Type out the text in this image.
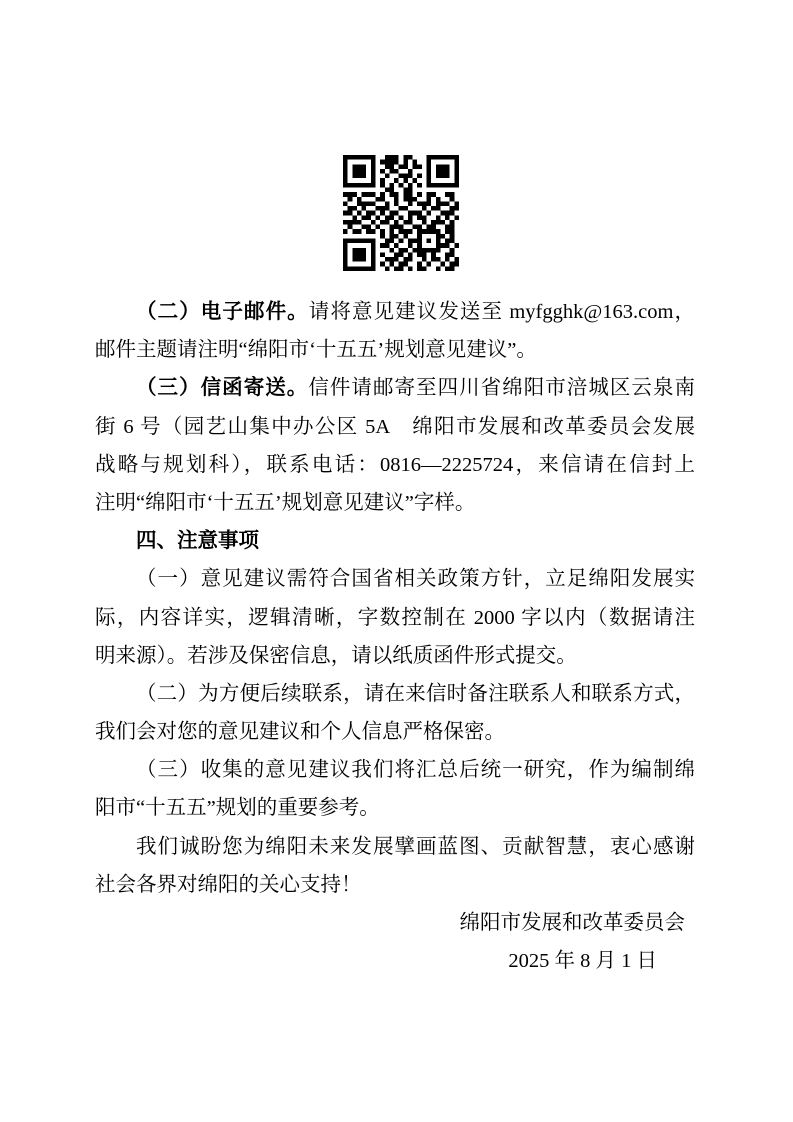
（二）电子邮件。请将意见建议发送至 myfgghk@163.com，
邮件主题请注明“绵阳市‘十五五’规划意见建议”。
（三）信函寄送。信件请邮寄至四川省绵阳市涪城区云泉南
街 6 号（园艺山集中办公区 5A　绵阳市发展和改革委员会发展
战略与规划科），联系电话：0816—2225724，来信请在信封上
注明“绵阳市‘十五五’规划意见建议”字样。
四、注意事项
（一）意见建议需符合国省相关政策方针，立足绵阳发展实
际，内容详实，逻辑清晰，字数控制在 2000 字以内（数据请注
明来源）。若涉及保密信息，请以纸质函件形式提交。
（二）为方便后续联系，请在来信时备注联系人和联系方式，
我们会对您的意见建议和个人信息严格保密。
（三）收集的意见建议我们将汇总后统一研究，作为编制绵
阳市“十五五”规划的重要参考。
我们诚盼您为绵阳未来发展擘画蓝图、贡献智慧，衷心感谢
社会各界对绵阳的关心支持！
绵阳市发展和改革委员会
2025 年 8 月 1 日
